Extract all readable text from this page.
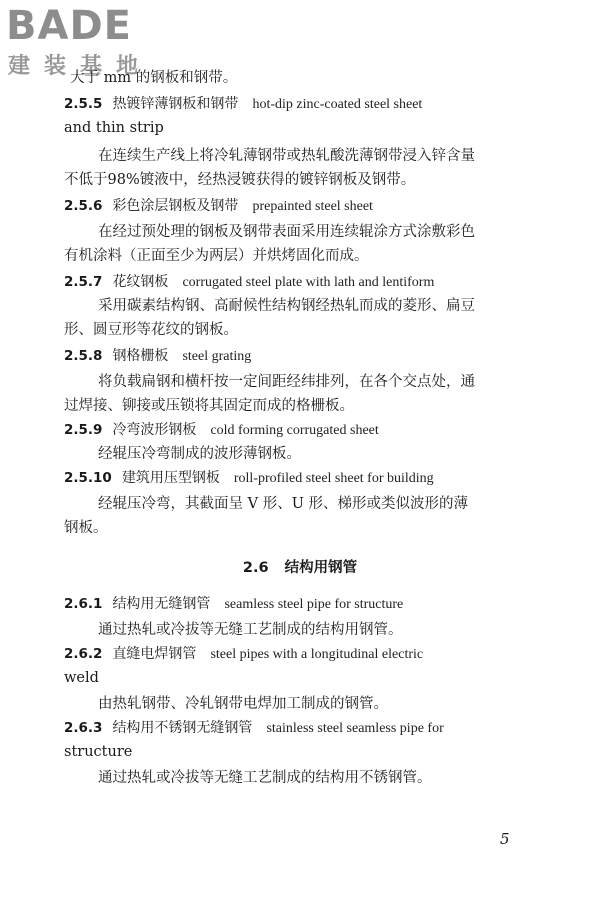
BADE
建装基地
大于 mm 的钢板和钢带。
2.5.5 热镀锌薄钢板和钢带 hot-dip zinc-coated steel sheet
and thin strip
在连续生产线上将冷轧薄钢带或热轧酸洗薄钢带浸入锌含量
不低于98%镀液中，经热浸镀获得的镀锌钢板及钢带。
2.5.6 彩色涂层钢板及钢带 prepainted steel sheet
在经过预处理的钢板及钢带表面采用连续辊涂方式涂敷彩色
有机涂料（正面至少为两层）并烘烤固化而成。
2.5.7 花纹钢板 corrugated steel plate with lath and lentiform
采用碳素结构钢、高耐候性结构钢经热轧而成的菱形、扁豆
形、圆豆形等花纹的钢板。
2.5.8 钢格栅板 steel grating
将负载扁钢和横杆按一定间距经纬排列，在各个交点处，通
过焊接、铆接或压锁将其固定而成的格栅板。
2.5.9 冷弯波形钢板 cold forming corrugated sheet
经辊压冷弯制成的波形薄钢板。
2.5.10 建筑用压型钢板 roll-profiled steel sheet for building
经辊压冷弯，其截面呈 V 形、U 形、梯形或类似波形的薄
钢板。
2.6 结构用钢管
2.6.1 结构用无缝钢管 seamless steel pipe for structure
通过热轧或冷拔等无缝工艺制成的结构用钢管。
2.6.2 直缝电焊钢管 steel pipes with a longitudinal electric
weld
由热轧钢带、冷轧钢带电焊加工制成的钢管。
2.6.3 结构用不锈钢无缝钢管 stainless steel seamless pipe for
structure
通过热轧或冷拔等无缝工艺制成的结构用不锈钢管。
5
